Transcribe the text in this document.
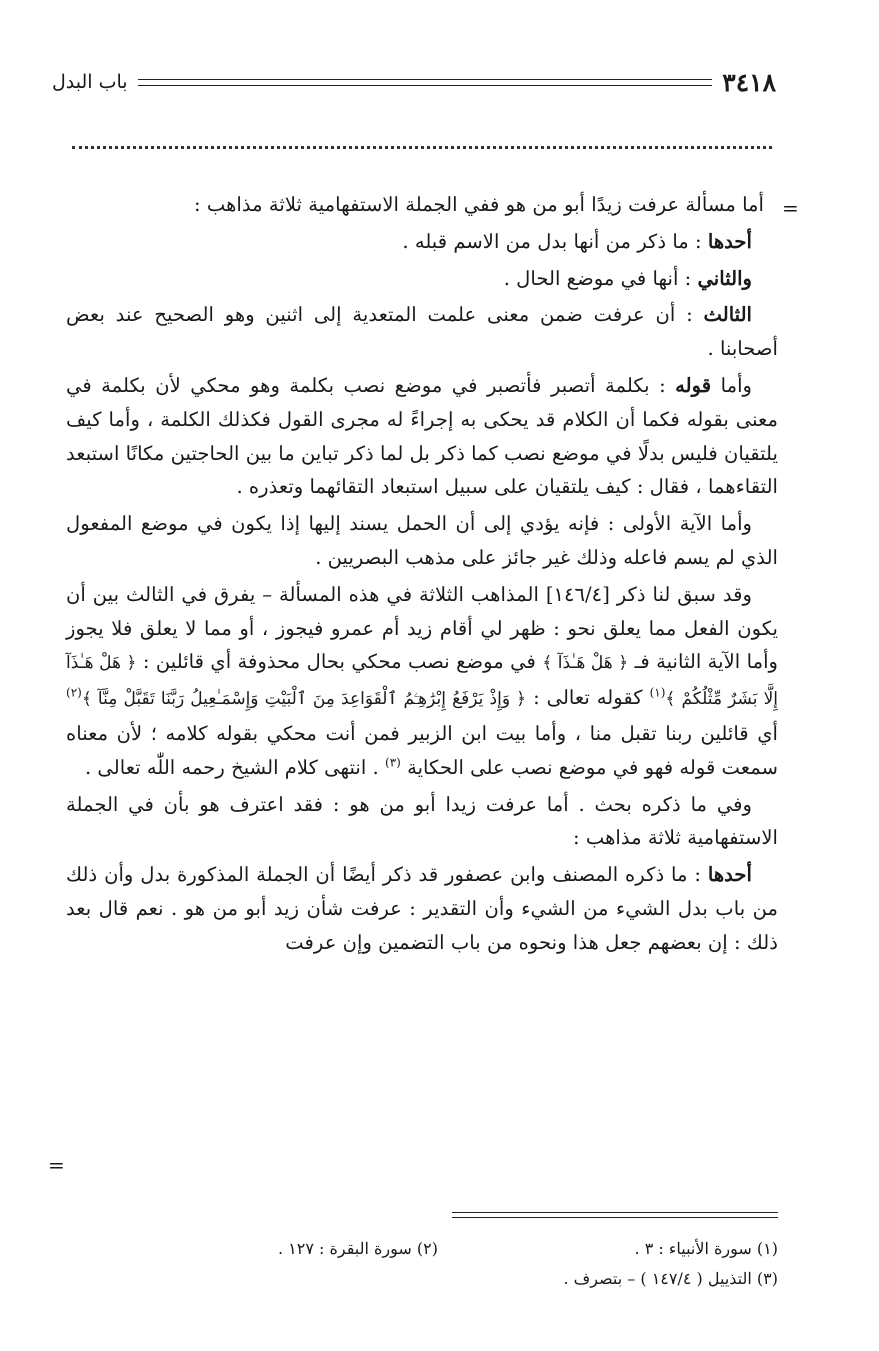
٣٤١٨
باب البدل
=

أما مسألة عرفت زيدًا أبو من هو ففي الجملة الاستفهامية ثلاثة مذاهب :

أحدها : ما ذكر من أنها بدل من الاسم قبله .

والثاني : أنها في موضع الحال .

الثالث : أن عرفت ضمن معنى علمت المتعدية إلى اثنين وهو الصحيح عند بعض أصحابنا .

وأما قوله : بكلمة أتصبر فأتصبر في موضع نصب بكلمة وهو محكي لأن بكلمة في معنى بقوله فكما أن الكلام قد يحكى به إجراءً له مجرى القول فكذلك الكلمة ، وأما كيف يلتقيان فليس بدلًا في موضع نصب كما ذكر بل لما ذكر تباين ما بين الحاجتين مكانًا استبعد التقاءهما ، فقال : كيف يلتقيان على سبيل استبعاد التقائهما وتعذره .

وأما الآية الأولى : فإنه يؤدي إلى أن الحمل يسند إليها إذا يكون في موضع المفعول الذي لم يسم فاعله وذلك غير جائز على مذهب البصريين .

وقد سبق لنا ذكر [١٤٦/٤] المذاهب الثلاثة في هذه المسألة – يفرق في الثالث بين أن يكون الفعل مما يعلق نحو : ظهر لي أقام زيد أم عمرو فيجوز ، أو مما لا يعلق فلا يجوز وأما الآية الثانية فـ ﴿ هَلْ هَـٰذَآ ﴾ في موضع نصب محكي بحال محذوفة أي قائلين : ﴿ هَلْ هَـٰذَآ إِلَّا بَشَرٌ مِّثْلُكُمْ ﴾$^{(١)}$ كقوله تعالى : ﴿ وَإِذْ يَرْفَعُ إِبْرَٰهِـۧمُ ٱلْقَوَاعِدَ مِنَ ٱلْبَيْتِ وَإِسْمَـٰعِيلُ رَبَّنَا تَقَبَّلْ مِنَّآ ﴾$^{(٢)}$ أي قائلين ربنا تقبل منا ، وأما بيت ابن الزبير فمن أنت محكي بقوله كلامه ؛ لأن معناه سمعت قوله فهو في موضع نصب على الحكاية $^{(٣)}$ . انتهى كلام الشيخ رحمه اللّٰه تعالى .

وفي ما ذكره بحث . أما عرفت زيدا أبو من هو : فقد اعترف هو بأن في الجملة الاستفهامية ثلاثة مذاهب :

أحدها : ما ذكره المصنف وابن عصفور قد ذكر أيضًا أن الجملة المذكورة بدل وأن ذلك من باب بدل الشيء من الشيء وأن التقدير : عرفت شأن زيد أبو من هو . نعم قال بعد ذلك : إن بعضهم جعل هذا ونحوه من باب التضمين وإن عرفت

=
(١) سورة الأنبياء : ٣ .
(٢) سورة البقرة : ١٢٧ .
(٣) التذييل ( ١٤٧/٤ ) – بتصرف .
